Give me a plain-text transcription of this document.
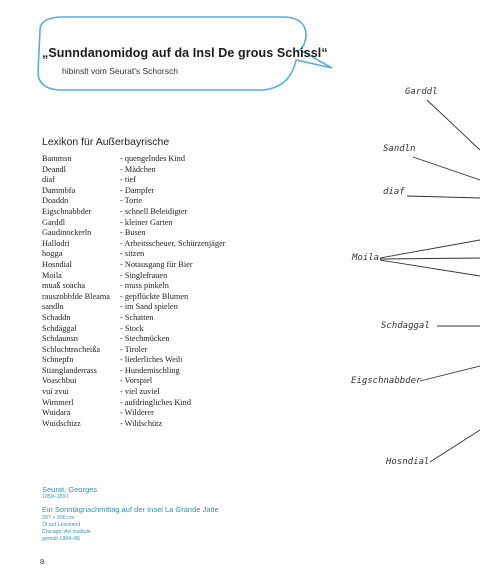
„Sunndanomidog auf da Insl De grous Schissl“
hibinslt vom Seurat's Schorsch
Lexikon für Außerbayrische
Bammsn	- quengelndes Kind
Deandl	- Mädchen
diaf	- tief
Dammbfa	- Dampfer
Doaddn	- Torte
Eigschnabbder	- schnell Beleidigter
Garddl	- kleiner Garten
Gaudinockerln	- Busen
Hallodri	- Arbeitsscheuer, Schürzenjäger
hogga	- sitzen
Hosndial	- Notausgang für Bier
Moila	- Singlefrauen
muaß soacha	- muss pinkeln
rauszobbfde Bleama	- gepflückte Blumen
sandln	- im Sand spielen
Schaddn	- Schatten
Schdäggal	- Stock
Schdaunsn	- Stechmücken
Schluchtnscheißa	- Tiroler
Schnepfn	- liederliches Weib
Stianglanderrass	- Hundemischling
Voaschbui	- Vorspiel
vui zvui	- viel zuviel
Wimmerl	- aufdringliches Kind
Wuidara	- Wilderer
Wuidschizz	- Wildschütz
Seurat, Georges
1859–1891
Ein Sonntagnachmittag auf der Insel La Grande Jatte
207 × 308 cm
Öl auf Leinwand
Chicago, Art Institute
gemalt 1884–86
8
Garddl
Sandln
diaf
Moila
Schdaggal
Eigschnabbder
Hosndial
